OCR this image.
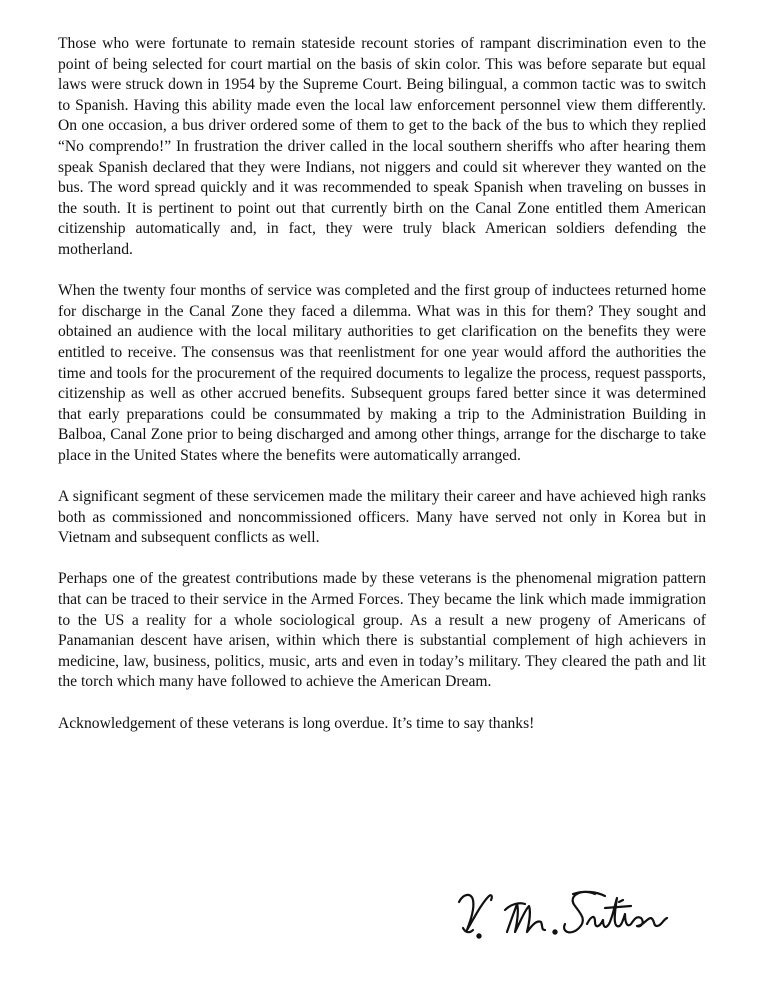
Those who were fortunate to remain stateside recount stories of rampant discrimination even to the point of being selected for court martial on the basis of skin color. This was before separate but equal laws were struck down in 1954 by the Supreme Court. Being bilingual, a common tactic was to switch to Spanish. Having this ability made even the local law enforcement personnel view them differently. On one occasion, a bus driver ordered some of them to get to the back of the bus to which they replied “No comprendo!” In frustration the driver called in the local southern sheriffs who after hearing them speak Spanish declared that they were Indians, not niggers and could sit wherever they wanted on the bus. The word spread quickly and it was recommended to speak Spanish when traveling on busses in the south. It is pertinent to point out that currently birth on the Canal Zone entitled them American citizenship automatically and, in fact, they were truly black American soldiers defending the motherland.

When the twenty four months of service was completed and the first group of inductees returned home for discharge in the Canal Zone they faced a dilemma. What was in this for them? They sought and obtained an audience with the local military authorities to get clarification on the benefits they were entitled to receive. The consensus was that reenlistment for one year would afford the authorities the time and tools for the procurement of the required documents to legalize the process, request passports, citizenship as well as other accrued benefits. Subsequent groups fared better since it was determined that early preparations could be consummated by making a trip to the Administration Building in Balboa, Canal Zone prior to being discharged and among other things, arrange for the discharge to take place in the United States where the benefits were automatically arranged.

A significant segment of these servicemen made the military their career and have achieved high ranks both as commissioned and noncommissioned officers. Many have served not only in Korea but in Vietnam and subsequent conflicts as well.

Perhaps one of the greatest contributions made by these veterans is the phenomenal migration pattern that can be traced to their service in the Armed Forces. They became the link which made immigration to the US a reality for a whole sociological group. As a result a new progeny of Americans of Panamanian descent have arisen, within which there is substantial complement of high achievers in medicine, law, business, politics, music, arts and even in today’s military. They cleared the path and lit the torch which many have followed to achieve the American Dream.

Acknowledgement of these veterans is long overdue. It’s time to say thanks!
